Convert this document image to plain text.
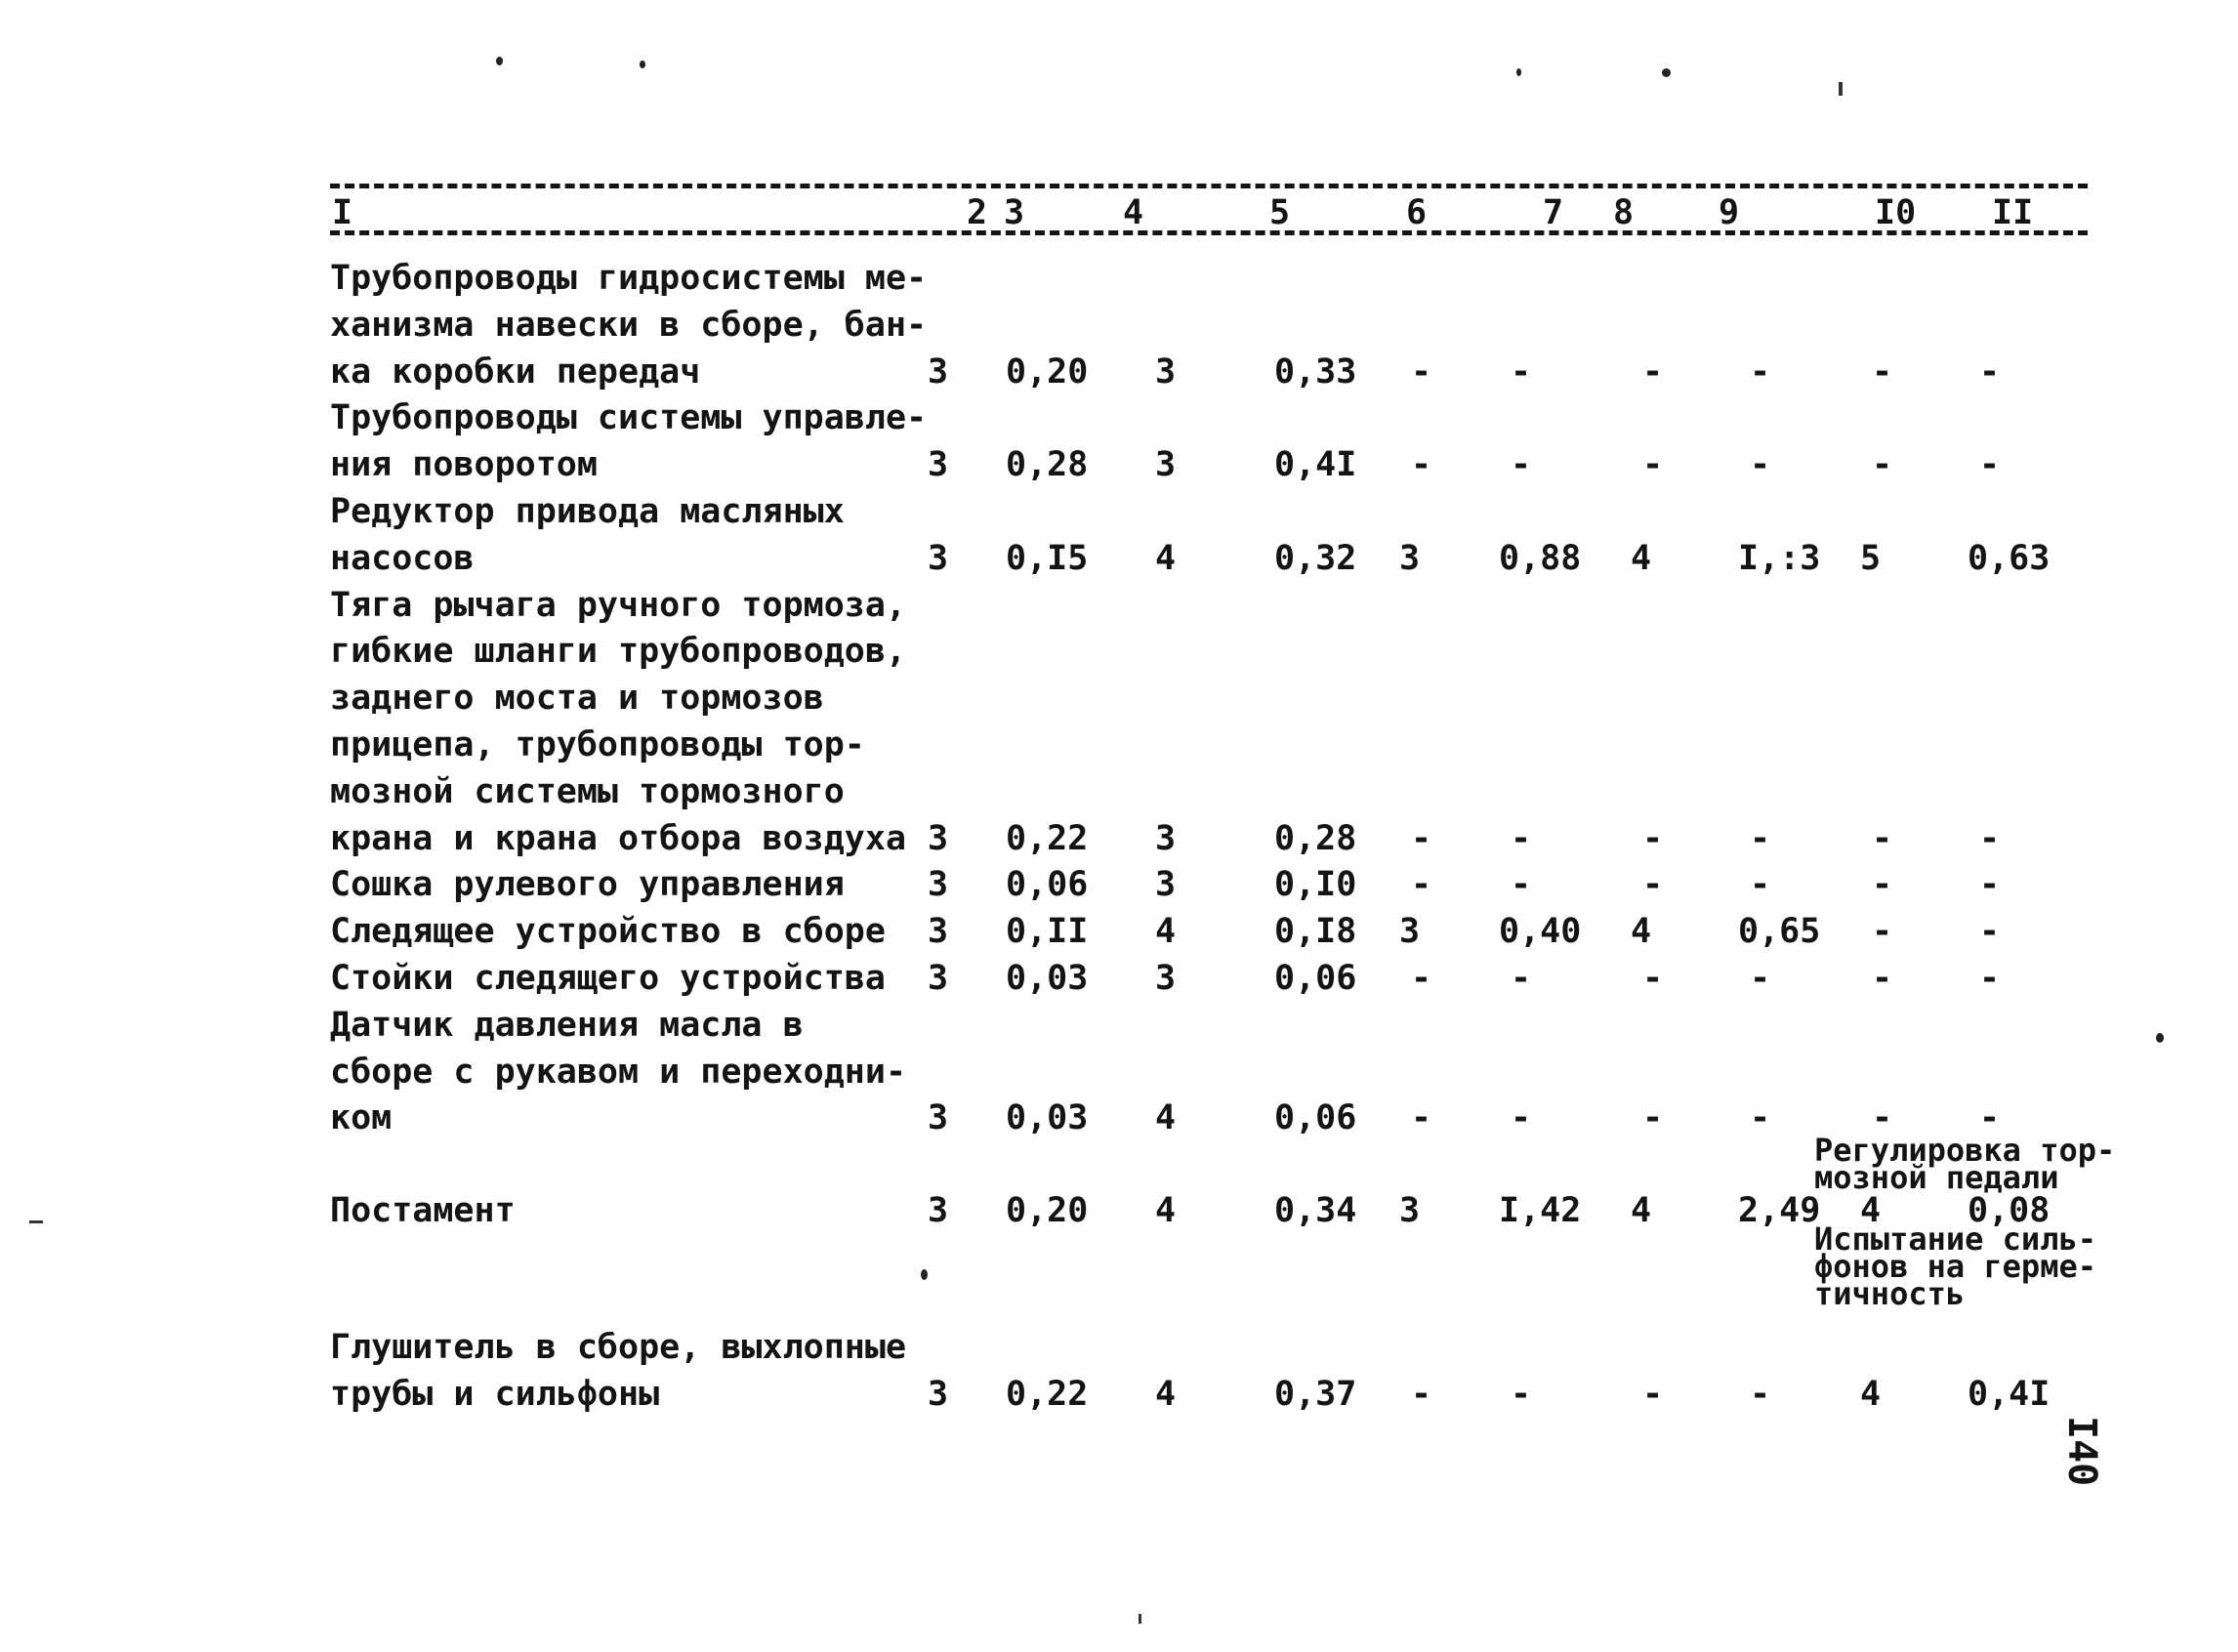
I	2 3	4	5	6	7 8 9	I0 II
Трубопроводы гидросистемы ме-
ханизма навески в сборе, бан-
ка коробки передач	3 0,20 3	0,33 - -	-	-	-	-
Трубопроводы системы управле-
ния поворотом	3 0,28 3	0,4I - -	-	-	-	-
Редуктор привода масляных
насосов	3 0,I5 4	0,32 3 0,88 4	I,:3 5	0,63
Тяга рычага ручного тормоза,
гибкие шланги трубопроводов,
заднего моста и тормозов
прицепа, трубопроводы тор-
мозной системы тормозного
крана и крана отбора воздуха 3 0,22 3	0,28 - -	-	-	-	-
Сошка рулевого управления 3 0,06 3	0,I0 - -	-	-	-	-
Следящее устройство в сборе 3 0,II 4	0,I8 3 0,40 4	0,65 -	-
Стойки следящего устройства 3 0,03 3	0,06 - -	-	-	-	-
Датчик давления масла в
сборе с рукавом и переходни-
ком	3 0,03 4	0,06 - -	-	-	-	-
Постамент	3 0,20 4	0,34 3 I,42 4	2,49 4	0,08
Глушитель в сборе, выхлопные
трубы и сильфоны	3 0,22 4	0,37 - -	-	-	4	0,4I
Регулировка тор-
мозной педали
Испытание силь-
фонов на герме-
тичность
I40
